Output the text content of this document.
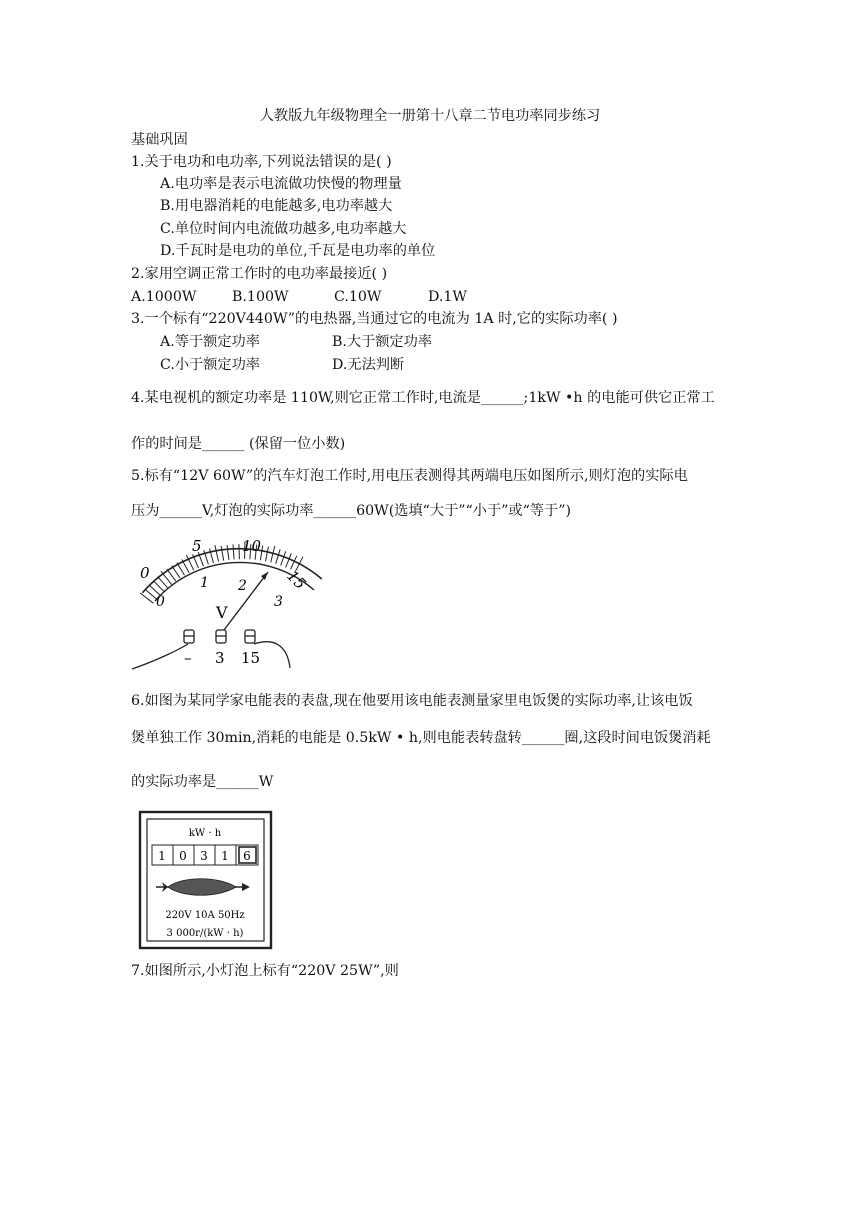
人教版九年级物理全一册第十八章二节电功率同步练习
基础巩固
1.关于电功和电功率,下列说法错误的是( )
A.电功率是表示电流做功快慢的物理量
B.用电器消耗的电能越多,电功率越大
C.单位时间内电流做功越多,电功率越大
D.千瓦时是电功的单位,千瓦是电功率的单位
2.家用空调正常工作时的电功率最接近( )
A.1000W	B.100W	C.10W	D.1W
3.一个标有“220V440W”的电热器,当通过它的电流为 1A 时,它的实际功率( )
A.等于额定功率	B.大于额定功率
C.小于额定功率	D.无法判断
4.某电视机的额定功率是 110W,则它正常工作时,电流是______;1kW •h 的电能可供它正常工
作的时间是______ (保留一位小数)
5.标有“12V 60W”的汽车灯泡工作时,用电压表测得其两端电压如图所示,则灯泡的实际电
压为______V,灯泡的实际功率______60W(选填“大于”“小于”或“等于”)
0
5	10
15
0
1 2
3
V
– 3 15
6.如图为某同学家电能表的表盘,现在他要用该电能表测量家里电饭煲的实际功率,让该电饭
煲单独工作 30min,消耗的电能是 0.5kW • h,则电能表转盘转______圈,这段时间电饭煲消耗
的实际功率是______W
kW · h
1 0 3 1 6
220V 10A 50Hz
3 000r/(kW · h)
7.如图所示,小灯泡上标有“220V 25W”,则
